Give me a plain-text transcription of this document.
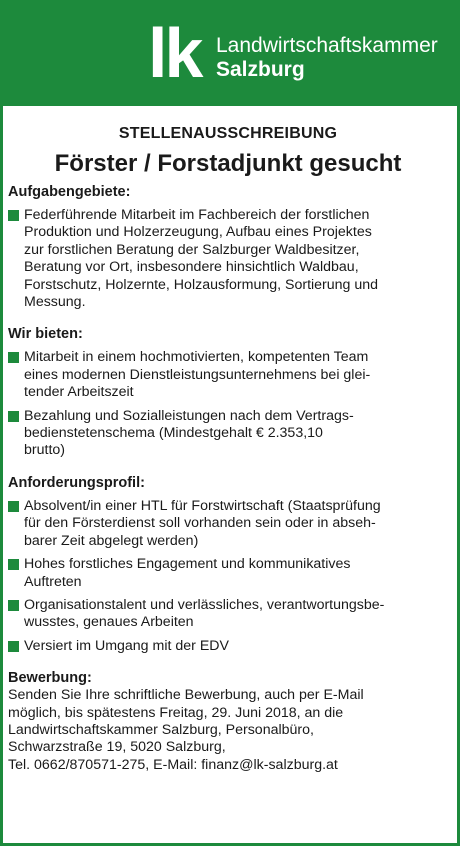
lk Landwirtschaftskammer
Salzburg
STELLENAUSSCHREIBUNG
Förster / Forstadjunkt gesucht
Aufgabengebiete:
Federführende Mitarbeit im Fachbereich der forstlichen
Produktion und Holzerzeugung, Aufbau eines Projektes
zur forstlichen Beratung der Salzburger Waldbesitzer,
Beratung vor Ort, insbesondere hinsichtlich Waldbau,
Forstschutz, Holzernte, Holzausformung, Sortierung und
Messung.
Wir bieten:
Mitarbeit in einem hochmotivierten, kompetenten Team
eines modernen Dienstleistungsunternehmens bei glei-
tender Arbeitszeit
Bezahlung und Sozialleistungen nach dem Vertrags-
bedienstetenschema (Mindestgehalt € 2.353,10
brutto)
Anforderungsprofil:
Absolvent/in einer HTL für Forstwirtschaft (Staatsprüfung
für den Försterdienst soll vorhanden sein oder in abseh-
barer Zeit abgelegt werden)
Hohes forstliches Engagement und kommunikatives
Auftreten
Organisationstalent und verlässliches, verantwortungsbe-
wusstes, genaues Arbeiten
Versiert im Umgang mit der EDV
Bewerbung:
Senden Sie Ihre schriftliche Bewerbung, auch per E-Mail
möglich, bis spätestens Freitag, 29. Juni 2018, an die
Landwirtschaftskammer Salzburg, Personalbüro,
Schwarzstraße 19, 5020 Salzburg,
Tel. 0662/870571-275, E-Mail: finanz@lk-salzburg.at
